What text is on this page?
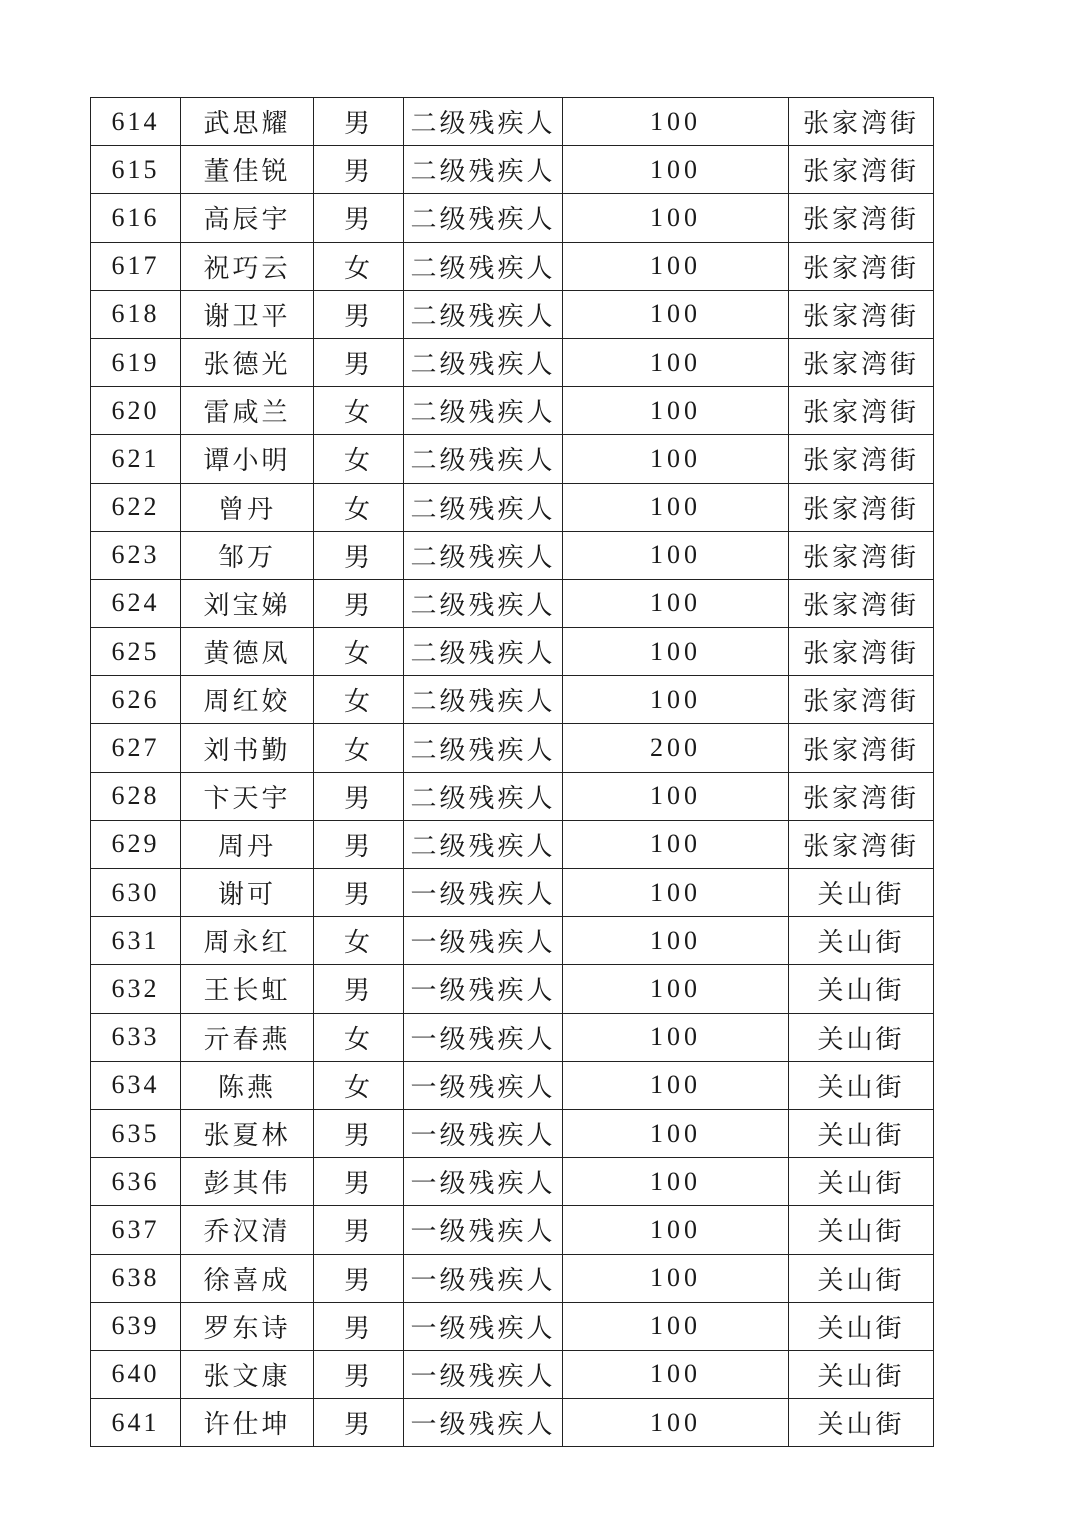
614	武思耀	男	二级残疾人	100	张家湾街
615	董佳锐	男	二级残疾人	100	张家湾街
616	高辰宇	男	二级残疾人	100	张家湾街
617	祝巧云	女	二级残疾人	100	张家湾街
618	谢卫平	男	二级残疾人	100	张家湾街
619	张德光	男	二级残疾人	100	张家湾街
620	雷咸兰	女	二级残疾人	100	张家湾街
621	谭小明	女	二级残疾人	100	张家湾街
622	曾丹	女	二级残疾人	100	张家湾街
623	邹万	男	二级残疾人	100	张家湾街
624	刘宝娣	男	二级残疾人	100	张家湾街
625	黄德凤	女	二级残疾人	100	张家湾街
626	周红姣	女	二级残疾人	100	张家湾街
627	刘书勤	女	二级残疾人	200	张家湾街
628	卞天宇	男	二级残疾人	100	张家湾街
629	周丹	男	二级残疾人	100	张家湾街
630	谢可	男	一级残疾人	100	关山街
631	周永红	女	一级残疾人	100	关山街
632	王长虹	男	一级残疾人	100	关山街
633	亓春燕	女	一级残疾人	100	关山街
634	陈燕	女	一级残疾人	100	关山街
635	张夏林	男	一级残疾人	100	关山街
636	彭其伟	男	一级残疾人	100	关山街
637	乔汉清	男	一级残疾人	100	关山街
638	徐喜成	男	一级残疾人	100	关山街
639	罗东诗	男	一级残疾人	100	关山街
640	张文康	男	一级残疾人	100	关山街
641	许仕坤	男	一级残疾人	100	关山街
